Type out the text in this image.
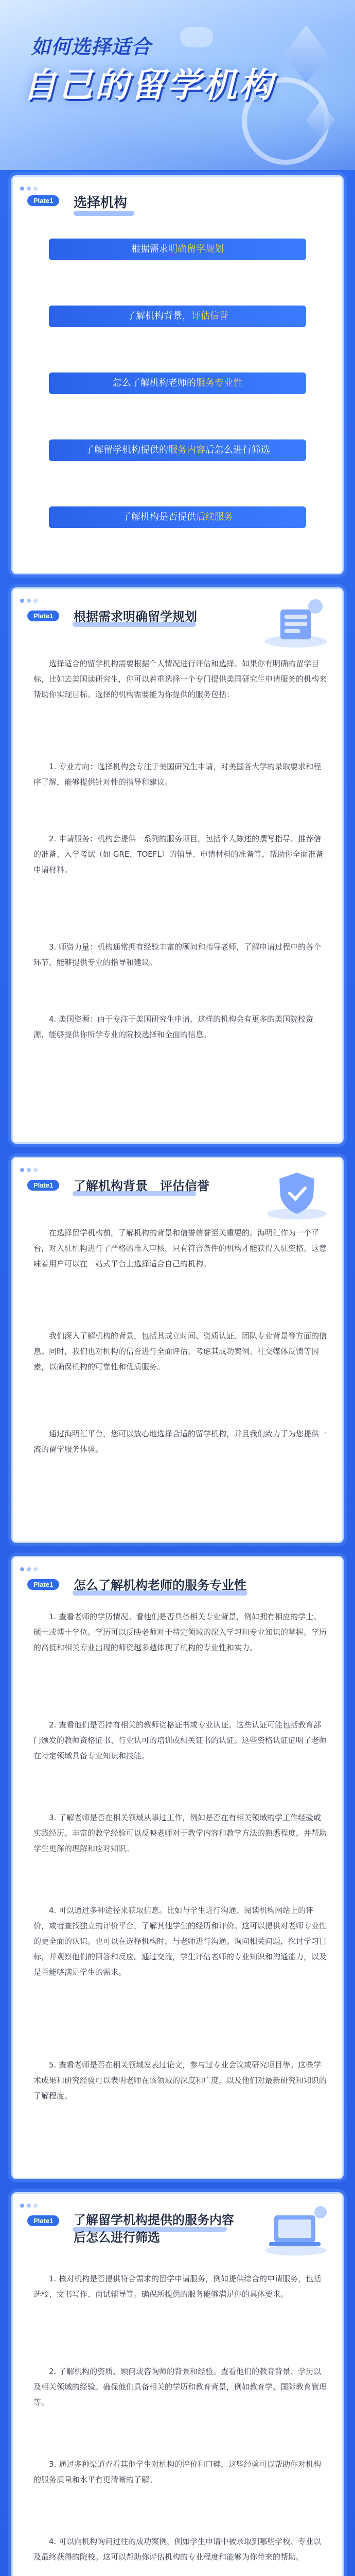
如何选择适合
自己的留学机构
Plate1	选择机构
根据需求明确留学规划
了解机构背景，评估信誉
怎么了解机构老师的服务专业性
了解留学机构提供的服务内容后怎么进行筛选
了解机构是否提供后续服务
Plate1	根据需求明确留学规划
选择适合的留学机构需要根据个人情况进行评估和选择。如果你有明确的留学目标，比如去美国读研究生，你可以着重选择一个专门提供美国研究生申请服务的机构来帮助你实现目标。选择的机构需要能为你提供的服务包括：
1. 专业方向：选择机构会专注于美国研究生申请，对美国各大学的录取要求和程序了解，能够提供针对性的指导和建议。
2. 申请服务：机构会提供一系列的服务项目，包括个人陈述的撰写指导、推荐信的准备、入学考试（如 GRE、TOEFL）的辅导、申请材料的准备等，帮助你全面准备申请材料。
3. 师资力量：机构通常拥有经验丰富的顾问和指导老师，了解申请过程中的各个环节，能够提供专业的指导和建议。
4. 美国资源：由于专注于美国研究生申请，这样的机构会有更多的美国院校资源，能够提供你所学专业的院校选择和全面的信息。
Plate1	了解机构背景　评估信誉
在选择留学机构前，了解机构的背景和信誉信誉至关重要的。海明汇作为一个平台，对入驻机构进行了严格的准入审核，只有符合条件的机构才能获得入驻资格。这意味着用户可以在一站式平台上选择适合自己的机构。
我们深入了解机构的背景，包括其成立时间、资质认证、团队专业背景等方面的信息。同时，我们也对机构的信誉进行全面评估，考虑其成功案例、社交媒体反馈等因素，以确保机构的可靠性和优质服务。
通过海明汇平台，您可以放心地选择合适的留学机构，并且我们致力于为您提供一流的留学服务体验。
Plate1	怎么了解机构老师的服务专业性
1. 查看老师的学历情况。看他们是否具备相关专业背景，例如拥有相应的学士、硕士或博士学位。学历可以反映老师对于特定领域的深入学习和专业知识的掌握。学历的高低和相关专业出现的师资越多越体现了机构的专业性和实力。
2. 查看他们是否持有相关的教师资格证书或专业认证。这些认证可能包括教育部门颁发的教师资格证书、行业认可的培训或相关证书的认证。这些资格认证证明了老师在特定领域具备专业知识和技能。
3. 了解老师是否在相关领域从事过工作，例如是否在有相关领域的学工作经验或实践经历。丰富的教学经验可以反映老师对于教学内容和教学方法的熟悉程度，并帮助学生更深的理解和应对知识。
4. 可以通过多种途径来获取信息。比如与学生进行沟通、阅读机构网站上的评价，或者查找独立的评价平台，了解其他学生的经历和评价。这可以提供对老师专业性的更全面的认识。也可以在选择机构时，与老师进行沟通。询问相关问题，探讨学习目标，并观察他们的回答和反应。通过交流，学生评估老师的专业知识和沟通能力，以及是否能够满足学生的需求。
5. 查看老师是否在相关领域发表过论文，参与过专业会议或研究项目等。这些学术成果和研究经验可以表明老师在该领域的深度和广度，以及他们对最新研究和知识的了解程度。
Plate1	了解留学机构提供的服务内容后怎么进行筛选
1. 核对机构是否提供符合需求的留学申请服务，例如提供综合的申请服务，包括选校、文书写作、面试辅导等。确保所提供的服务能够满足你的具体要求。
2. 了解机构的资质、顾问或咨询师的背景和经验。查看他们的教育背景、学历以及相关领域的经验。确保他们具备相关的学历和教育背景，例如教育学、国际教育管理等。
3. 通过多种渠道查看其他学生对机构的评价和口碑，这些经验可以帮助你对机构的服务质量和水平有更清晰的了解。
4. 可以向机构询问过往的成功案例，例如学生申请中被录取到哪些学校、专业以及最终获得的院校。这可以帮助你评估机构的专业程度和能够为你带来的帮助。
